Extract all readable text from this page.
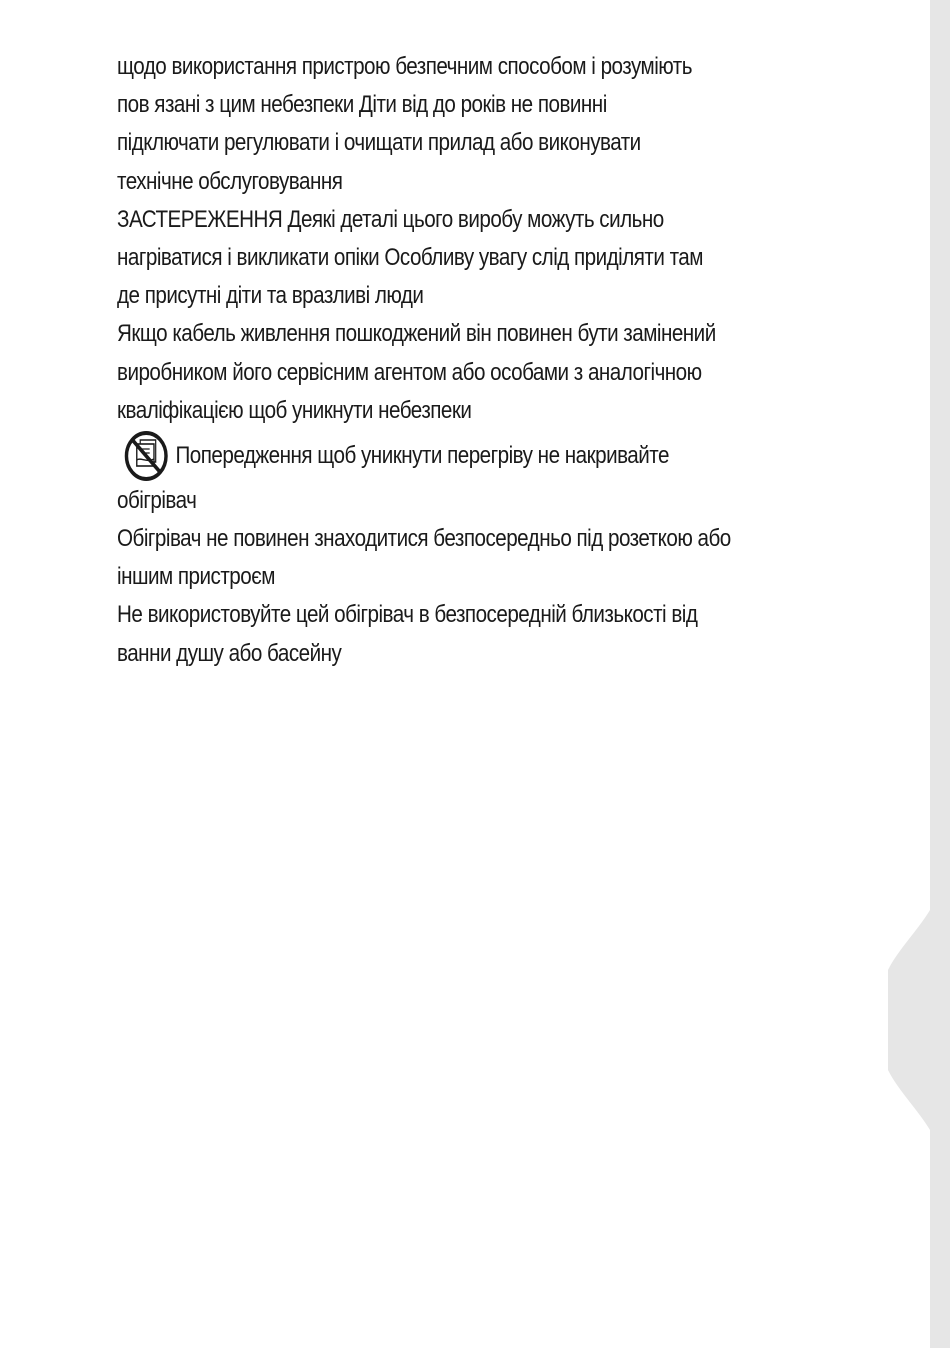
щодо використання пристрою безпечним способом і розуміють
пов язані з цим небезпеки Діти від до років не повинні
підключати регулювати і очищати прилад або виконувати
технічне обслуговування
ЗАСТЕРЕЖЕННЯ Деякі деталі цього виробу можуть сильно
нагріватися і викликати опіки Особливу увагу слід приділяти там
де присутні діти та вразливі люди
Якщо кабель живлення пошкоджений він повинен бути замінений
виробником його сервісним агентом або особами з аналогічною
кваліфікацією щоб уникнути небезпеки
Попередження щоб уникнути перегріву не накривайте
обігрівач
Обігрівач не повинен знаходитися безпосередньо під розеткою або
іншим пристроєм
Не використовуйте цей обігрівач в безпосередній близькості від
ванни душу або басейну
